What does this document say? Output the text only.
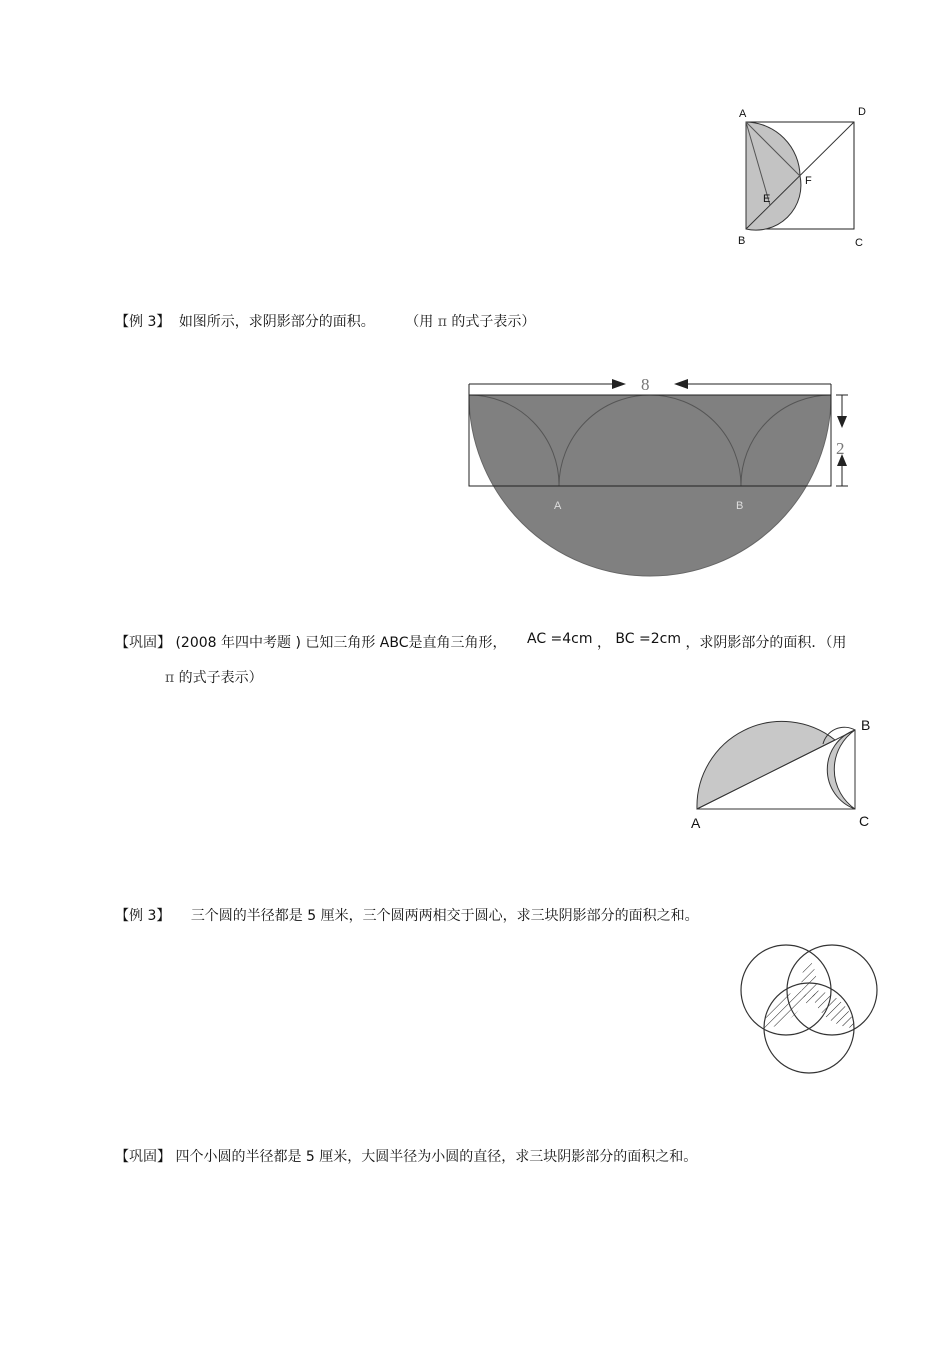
A	D
B	C
E
F
【例 3】 如图所示，求阴影部分的面积。 （用 π 的式子表示）
8
2
A	B
【巩固】 (2008 年四中考题 ) 已知三角形 ABC是直角三角形， AC =4cm ， BC =2cm ，求阴影部分的面积．（用
π 的式子表示）
B
A	C
【例 3】 三个圆的半径都是 5 厘米，三个圆两两相交于圆心，求三块阴影部分的面积之和。
【巩固】 四个小圆的半径都是 5 厘米，大圆半径为小圆的直径，求三块阴影部分的面积之和。
